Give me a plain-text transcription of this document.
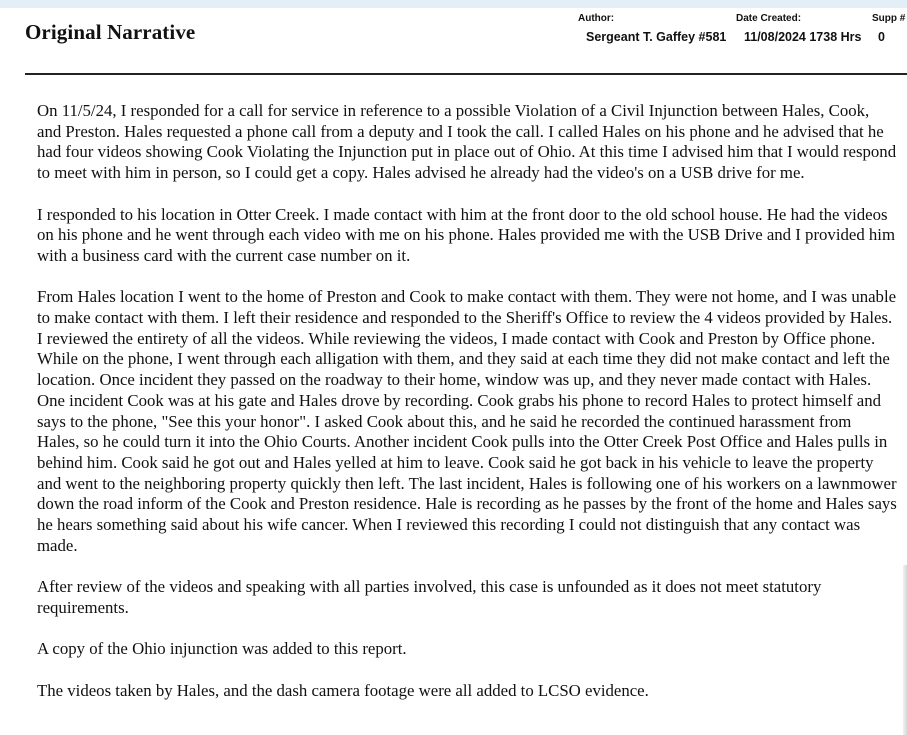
Original Narrative
Author:	Date Created:	Supp #
Sergeant T. Gaffey #581 11/08/2024 1738 Hrs 0

On 11/5/24, I responded for a call for service in reference to a possible Violation of a Civil Injunction between Hales, Cook, and Preston. Hales requested a phone call from a deputy and I took the call. I called Hales on his phone and he advised that he had four videos showing Cook Violating the Injunction put in place out of Ohio. At this time I advised him that I would respond to meet with him in person, so I could get a copy. Hales advised he already had the video's on a USB drive for me.

I responded to his location in Otter Creek. I made contact with him at the front door to the old school house. He had the videos on his phone and he went through each video with me on his phone. Hales provided me with the USB Drive and I provided him with a business card with the current case number on it.

From Hales location I went to the home of Preston and Cook to make contact with them. They were not home, and I was unable to make contact with them. I left their residence and responded to the Sheriff's Office to review the 4 videos provided by Hales. I reviewed the entirety of all the videos. While reviewing the videos, I made contact with Cook and Preston by Office phone. While on the phone, I went through each alligation with them, and they said at each time they did not make contact and left the location. Once incident they passed on the roadway to their home, window was up, and they never made contact with Hales. One incident Cook was at his gate and Hales drove by recording. Cook grabs his phone to record Hales to protect himself and says to the phone, "See this your honor". I asked Cook about this, and he said he recorded the continued harassment from Hales, so he could turn it into the Ohio Courts. Another incident Cook pulls into the Otter Creek Post Office and Hales pulls in behind him. Cook said he got out and Hales yelled at him to leave. Cook said he got back in his vehicle to leave the property and went to the neighboring property quickly then left. The last incident, Hales is following one of his workers on a lawnmower down the road inform of the Cook and Preston residence. Hale is recording as he passes by the front of the home and Hales says he hears something said about his wife cancer. When I reviewed this recording I could not distinguish that any contact was made.

After review of the videos and speaking with all parties involved, this case is unfounded as it does not meet statutory requirements.

A copy of the Ohio injunction was added to this report.

The videos taken by Hales, and the dash camera footage were all added to LCSO evidence.
